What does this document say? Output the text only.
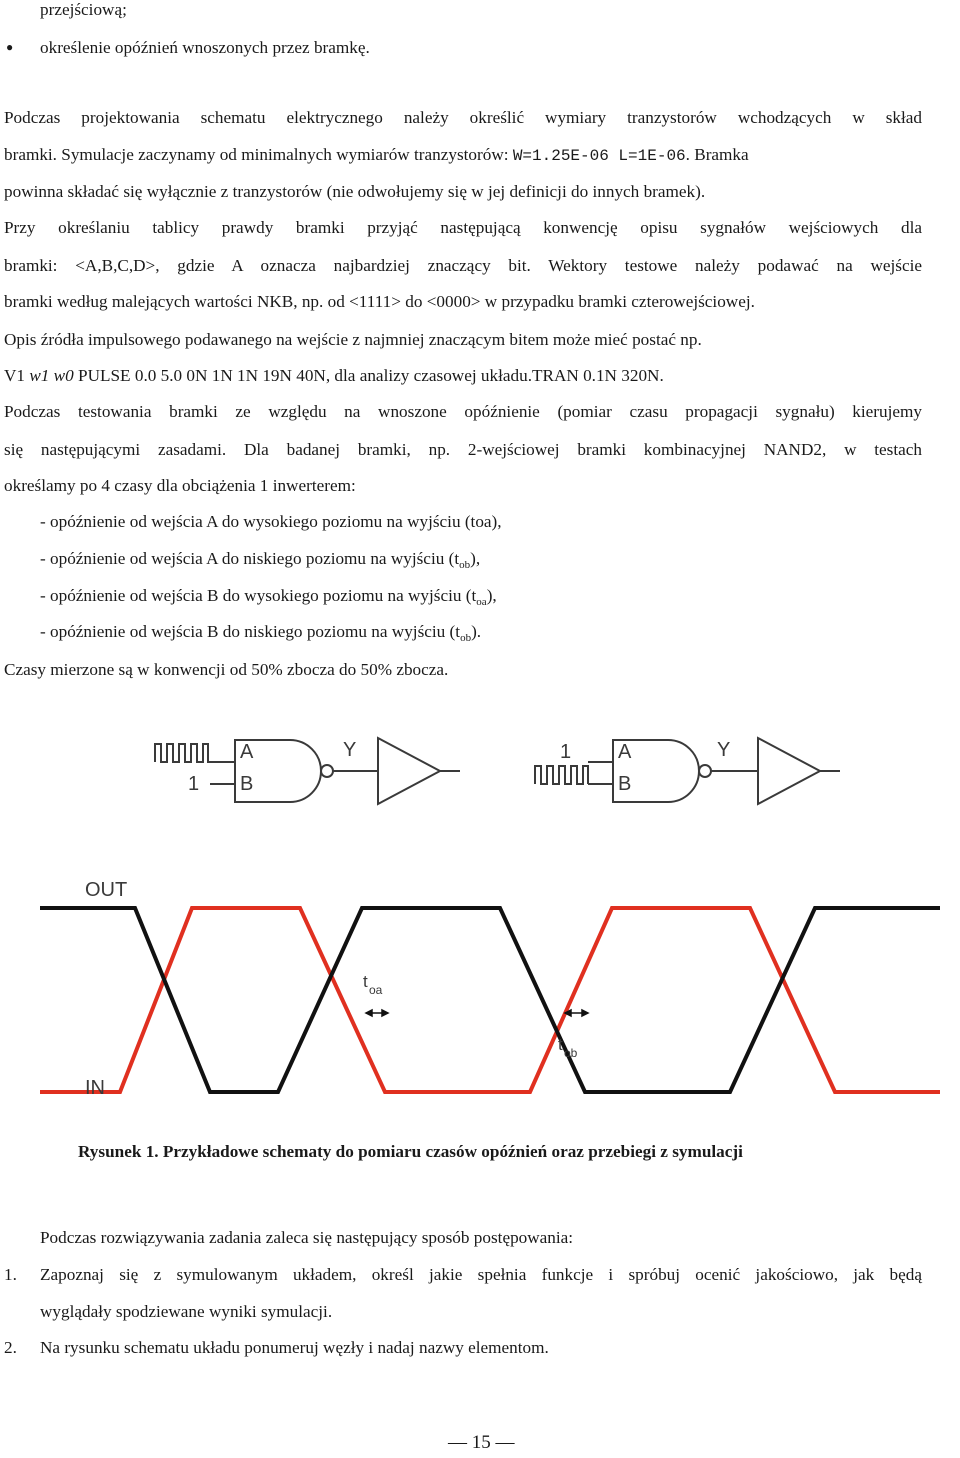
przejściową;
● określenie opóźnień wnoszonych przez bramkę.
Podczas projektowania schematu elektrycznego należy określić wymiary tranzystorów wchodzących w skład
bramki. Symulacje zaczynamy od minimalnych wymiarów tranzystorów: W=1.25E-06 L=1E-06. Bramka
powinna składać się wyłącznie z tranzystorów (nie odwołujemy się w jej definicji do innych bramek).
Przy określaniu tablicy prawdy bramki przyjąć następującą konwencję opisu sygnałów wejściowych dla
bramki: <A,B,C,D>, gdzie A oznacza najbardziej znaczący bit. Wektory testowe należy podawać na wejście
bramki według malejących wartości NKB, np. od <1111> do <0000> w przypadku bramki czterowejściowej.
Opis źródła impulsowego podawanego na wejście z najmniej znaczącym bitem może mieć postać np.
V1 w1 w0 PULSE 0.0 5.0 0N 1N 1N 19N 40N, dla analizy czasowej układu.TRAN 0.1N 320N.
Podczas testowania bramki ze względu na wnoszone opóźnienie (pomiar czasu propagacji sygnału) kierujemy
się następującymi zasadami. Dla badanej bramki, np. 2-wejściowej bramki kombinacyjnej NAND2, w testach
określamy po 4 czasy dla obciążenia 1 inwerterem:
- opóźnienie od wejścia A do wysokiego poziomu na wyjściu (toa),
- opóźnienie od wejścia A do niskiego poziomu na wyjściu $(t_{ob})$,
- opóźnienie od wejścia B do wysokiego poziomu na wyjściu $(t_{oa})$,
- opóźnienie od wejścia B do niskiego poziomu na wyjściu $(t_{ob})$.
Czasy mierzone są w konwencji od 50% zbocza do 50% zbocza.
A
B
Y
1
A
B
Y
1
OUT
IN
t oa
t ob
Rysunek 1. Przykładowe schematy do pomiaru czasów opóźnień oraz przebiegi z symulacji
Podczas rozwiązywania zadania zaleca się następujący sposób postępowania:
1. Zapoznaj się z symulowanym układem, określ jakie spełnia funkcje i spróbuj ocenić jakościowo, jak będą
wyglądały spodziewane wyniki symulacji.
2. Na rysunku schematu układu ponumeruj węzły i nadaj nazwy elementom.
— 15 —
